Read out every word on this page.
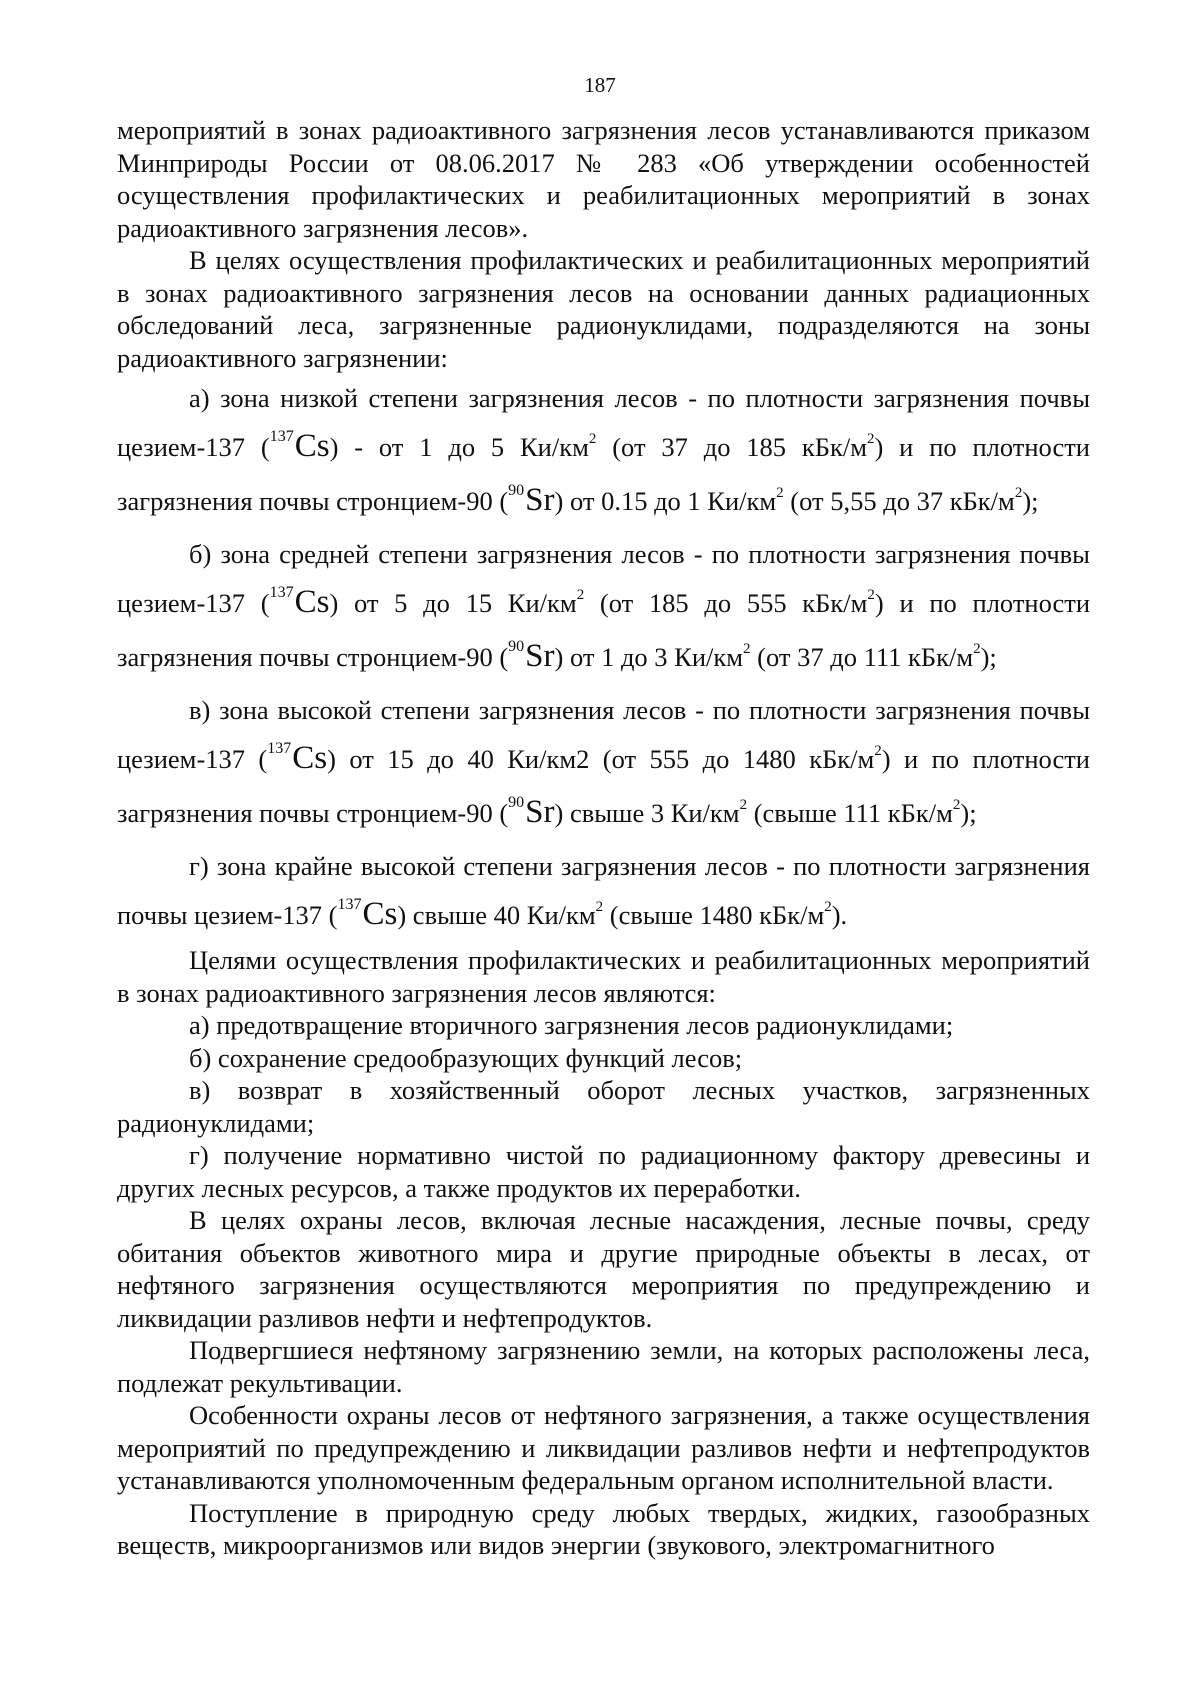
187

мероприятий в зонах радиоактивного загрязнения лесов устанавливаются приказом Минприроды России от 08.06.2017 № 283 «Об утверждении особенностей осуществления профилактических и реабилитационных мероприятий в зонах радиоактивного загрязнения лесов».

В целях осуществления профилактических и реабилитационных мероприятий в зонах радиоактивного загрязнения лесов на основании данных радиационных обследований леса, загрязненные радионуклидами, подразделяются на зоны радиоактивного загрязнении:

а) зона низкой степени загрязнения лесов - по плотности загрязнения почвы цезием-137 ($^{137}$Cs) - от 1 до 5 $Ки/км^2$ (от 37 до 185 кБк/$м^2$) и по плотности загрязнения почвы стронцием-90 ($^{90}$Sr) от 0.15 до 1 $Ки/км^2$ (от 5,55 до 37 кБк/$м^2$);

б) зона средней степени загрязнения лесов - по плотности загрязнения почвы цезием-137 ($^{137}$Cs) от 5 до 15 $Ки/км^2$ (от 185 до 555 кБк/$м^2$) и по плотности загрязнения почвы стронцием-90 ($^{90}$Sr) от 1 до 3 $Ки/км^2$ (от 37 до 111 кБк/$м^2$);

в) зона высокой степени загрязнения лесов - по плотности загрязнения почвы цезием-137 ($^{137}$Cs) от 15 до 40 Ки/км2 (от 555 до 1480 кБк/$м^2$) и по плотности загрязнения почвы стронцием-90 ($^{90}$Sr) свыше 3 $Ки/км^2$ (свыше 111 кБк/$м^2$);

г) зона крайне высокой степени загрязнения лесов - по плотности загрязнения почвы цезием-137 ($^{137}$Cs) свыше 40 $Ки/км^2$ (свыше 1480 кБк/$м^2$).

Целями осуществления профилактических и реабилитационных мероприятий в зонах радиоактивного загрязнения лесов являются:

а) предотвращение вторичного загрязнения лесов радионуклидами;

б) сохранение средообразующих функций лесов;

в) возврат в хозяйственный оборот лесных участков, загрязненных радионуклидами;

г) получение нормативно чистой по радиационному фактору древесины и других лесных ресурсов, а также продуктов их переработки.

В целях охраны лесов, включая лесные насаждения, лесные почвы, среду обитания объектов животного мира и другие природные объекты в лесах, от нефтяного загрязнения осуществляются мероприятия по предупреждению и ликвидации разливов нефти и нефтепродуктов.

Подвергшиеся нефтяному загрязнению земли, на которых расположены леса, подлежат рекультивации.

Особенности охраны лесов от нефтяного загрязнения, а также осуществления мероприятий по предупреждению и ликвидации разливов нефти и нефтепродуктов устанавливаются уполномоченным федеральным органом исполнительной власти.

Поступление в природную среду любых твердых, жидких, газообразных веществ, микроорганизмов или видов энергии (звукового, электромагнитного
